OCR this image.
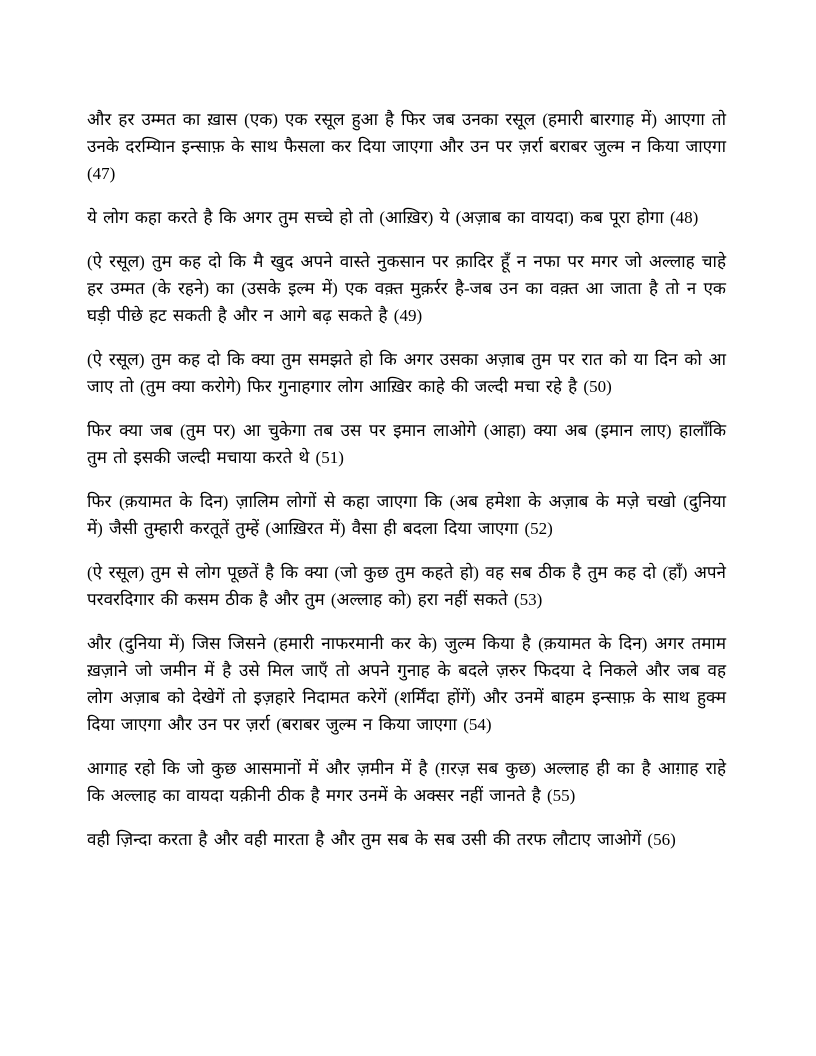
और हर उम्मत का ख़ास (एक) एक रसूल हुआ है फिर जब उनका रसूल (हमारी बारगाह में) आएगा तो उनके दरम्यिान इन्साफ़ के साथ फैसला कर दिया जाएगा और उन पर ज़र्रा बराबर जुल्म न किया जाएगा (47)

ये लोग कहा करते है कि अगर तुम सच्चे हो तो (आख़िर) ये (अज़ाब का वायदा) कब पूरा होगा (48)

(ऐ रसूल) तुम कह दो कि मै खुद अपने वास्ते नुकसान पर क़ादिर हूँ न नफा पर मगर जो अल्लाह चाहे हर उम्मत (के रहने) का (उसके इल्म में) एक वक़्त मुक़र्रर है-जब उन का वक़्त आ जाता है तो न एक घड़ी पीछे हट सकती है और न आगे बढ़ सकते है (49)

(ऐ रसूल) तुम कह दो कि क्या तुम समझते हो कि अगर उसका अज़ाब तुम पर रात को या दिन को आ जाए तो (तुम क्या करोगे) फिर गुनाहगार लोग आख़िर काहे की जल्दी मचा रहे है (50)

फिर क्या जब (तुम पर) आ चुकेगा तब उस पर इमान लाओगे (आहा) क्या अब (इमान लाए) हालाँकि तुम तो इसकी जल्दी मचाया करते थे (51)

फिर (क़यामत के दिन) ज़ालिम लोगों से कहा जाएगा कि (अब हमेशा के अज़ाब के मज़े चखो (दुनिया में) जैसी तुम्हारी करतूतें तुम्हें (आख़िरत में) वैसा ही बदला दिया जाएगा (52)

(ऐ रसूल) तुम से लोग पूछतें है कि क्या (जो कुछ तुम कहते हो) वह सब ठीक है तुम कह दो (हाँ) अपने परवरदिगार की कसम ठीक है और तुम (अल्लाह को) हरा नहीं सकते (53)

और (दुनिया में) जिस जिसने (हमारी नाफरमानी कर के) जुल्म किया है (क़यामत के दिन) अगर तमाम ख़ज़ाने जो जमीन में है उसे मिल जाएँ तो अपने गुनाह के बदले ज़रुर फिदया दे निकले और जब वह लोग अज़ाब को देखेगें तो इज़हारे निदामत करेगें (शर्मिंदा होंगें) और उनमें बाहम इन्साफ़ के साथ हुक्म दिया जाएगा और उन पर ज़र्रा (बराबर जुल्म न किया जाएगा (54)

आगाह रहो कि जो कुछ आसमानों में और ज़मीन में है (ग़रज़ सब कुछ) अल्लाह ही का है आग़ाह राहे कि अल्लाह का वायदा यक़ीनी ठीक है मगर उनमें के अक्सर नहीं जानते है (55)

वही ज़िन्दा करता है और वही मारता है और तुम सब के सब उसी की तरफ लौटाए जाओगें (56)
